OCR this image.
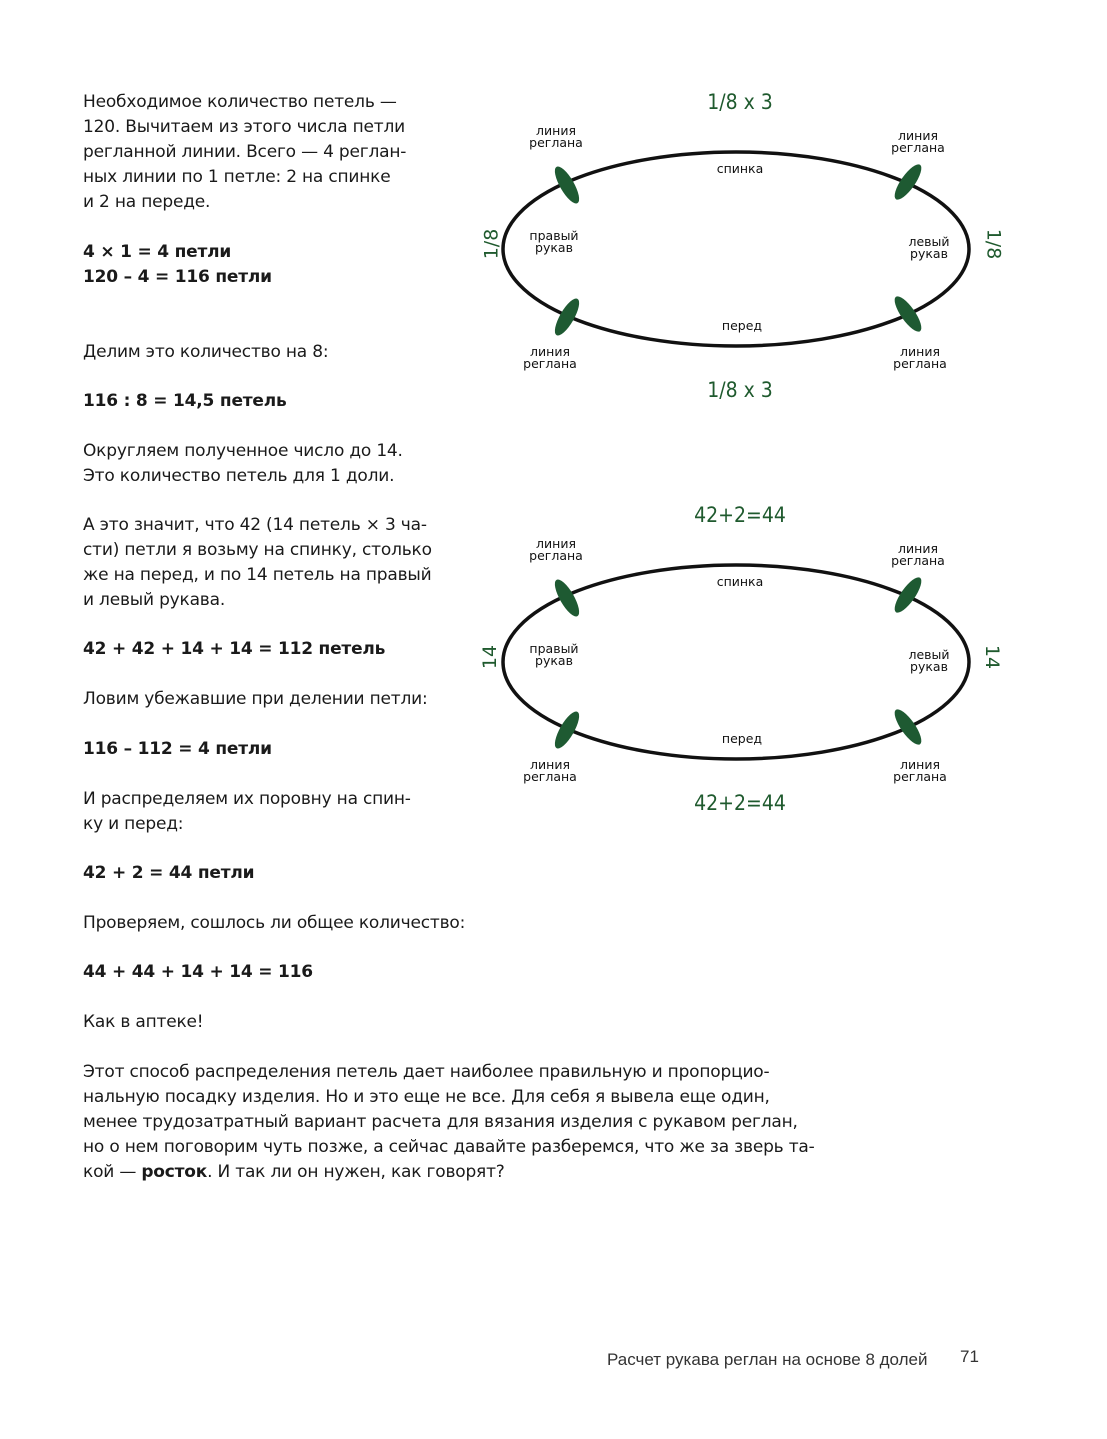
Необходимое количество петель —
120. Вычитаем из этого числа петли
регланной линии. Всего — 4 реглан-
ных линии по 1 петле: 2 на спинке
и 2 на переде.
4 × 1 = 4 петли
120 – 4 = 116 петли
Делим это количество на 8:
116 : 8 = 14,5 петель
Округляем полученное число до 14.
Это количество петель для 1 доли.
А это значит, что 42 (14 петель × 3 ча-
сти) петли я возьму на спинку, столько
же на перед, и по 14 петель на правый
и левый рукава.
42 + 42 + 14 + 14 = 112 петель
Ловим убежавшие при делении петли:
116 – 112 = 4 петли
И распределяем их поровну на спин-
ку и перед:
42 + 2 = 44 петли
Проверяем, сошлось ли общее количество:
44 + 44 + 14 + 14 = 116
Как в аптеке!
Этот способ распределения петель дает наиболее правильную и пропорцио-
нальную посадку изделия. Но и это еще не все. Для себя я вывела еще один,
менее трудозатратный вариант расчета для вязания изделия с рукавом реглан,
но о нем поговорим чуть позже, а сейчас давайте разберемся, что же за зверь та-
кой — росток. И так ли он нужен, как говорят?
1/8 x 3
1/8 x 3
1/8	1/8
спинка
перед
правый
рукав	левый
рукав
линия
реглана	линия
реглана
линия
реглана
линия
реглана
42+2=44
42+2=44
14	14
спинка
перед
правый
рукав	левый
рукав
линия
реглана	линия
реглана
линия
реглана
линия
реглана
Расчет рукава реглан на основе 8 долей 71
